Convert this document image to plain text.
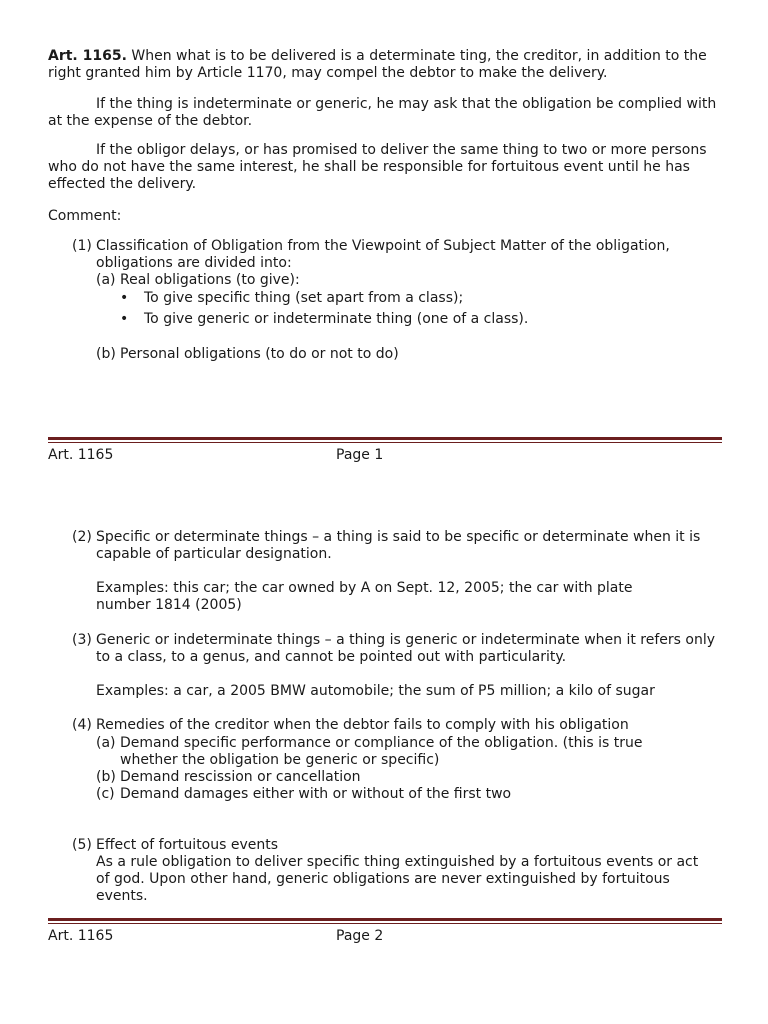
Art. 1165. When what is to be delivered is a determinate ting, the creditor, in addition to the right granted him by Article 1170, may compel the debtor to make the delivery.

If the thing is indeterminate or generic, he may ask that the obligation be complied with at the expense of the debtor.

If the obligor delays, or has promised to deliver the same thing to two or more persons who do not have the same interest, he shall be responsible for fortuitous event until he has effected the delivery.

Comment:
(1) Classification of Obligation from the Viewpoint of Subject Matter of the obligation, obligations are divided into:
(a) Real obligations (to give):
• To give specific thing (set apart from a class);
• To give generic or indeterminate thing (one of a class).
(b) Personal obligations (to do or not to do)
Art. 1165	Page 1
(2) Specific or determinate things – a thing is said to be specific or determinate when it is capable of particular designation.
Examples: this car; the car owned by A on Sept. 12, 2005; the car with plate number 1814 (2005)
(3) Generic or indeterminate things – a thing is generic or indeterminate when it refers only to a class, to a genus, and cannot be pointed out with particularity.
Examples: a car, a 2005 BMW automobile; the sum of P5 million; a kilo of sugar
(4) Remedies of the creditor when the debtor fails to comply with his obligation
(a) Demand specific performance or compliance of the obligation. (this is true whether the obligation be generic or specific)
(b) Demand rescission or cancellation
(c) Demand damages either with or without of the first two
(5) Effect of fortuitous events
As a rule obligation to deliver specific thing extinguished by a fortuitous events or act of god. Upon other hand, generic obligations are never extinguished by fortuitous events.
Art. 1165	Page 2
